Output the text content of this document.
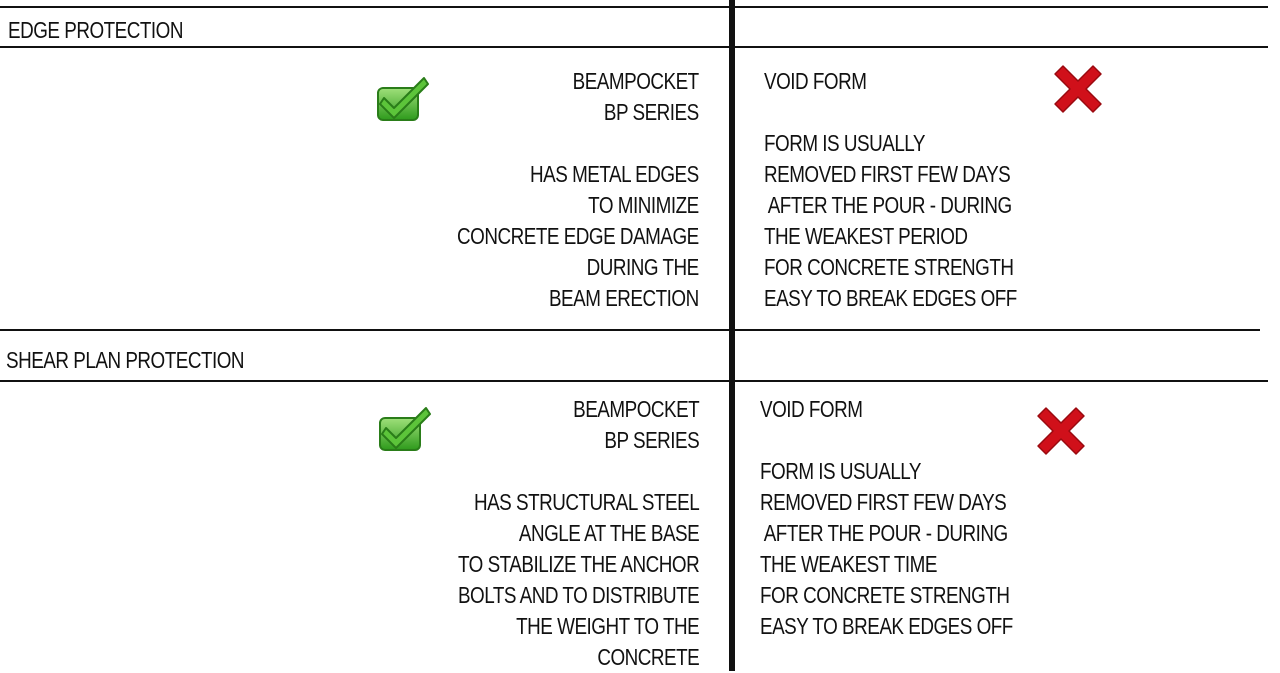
EDGE PROTECTION
BEAMPOCKET
BP SERIES

HAS METAL EDGES
TO MINIMIZE
CONCRETE EDGE DAMAGE
DURING THE
BEAM ERECTION
VOID FORM

FORM IS USUALLY
REMOVED FIRST FEW DAYS
AFTER THE POUR - DURING
THE WEAKEST PERIOD
FOR CONCRETE STRENGTH
EASY TO BREAK EDGES OFF
SHEAR PLAN PROTECTION
BEAMPOCKET
BP SERIES

HAS STRUCTURAL STEEL
ANGLE AT THE BASE
TO STABILIZE THE ANCHOR
BOLTS AND TO DISTRIBUTE
THE WEIGHT TO THE
CONCRETE
VOID FORM

FORM IS USUALLY
REMOVED FIRST FEW DAYS
AFTER THE POUR - DURING
THE WEAKEST TIME
FOR CONCRETE STRENGTH
EASY TO BREAK EDGES OFF
